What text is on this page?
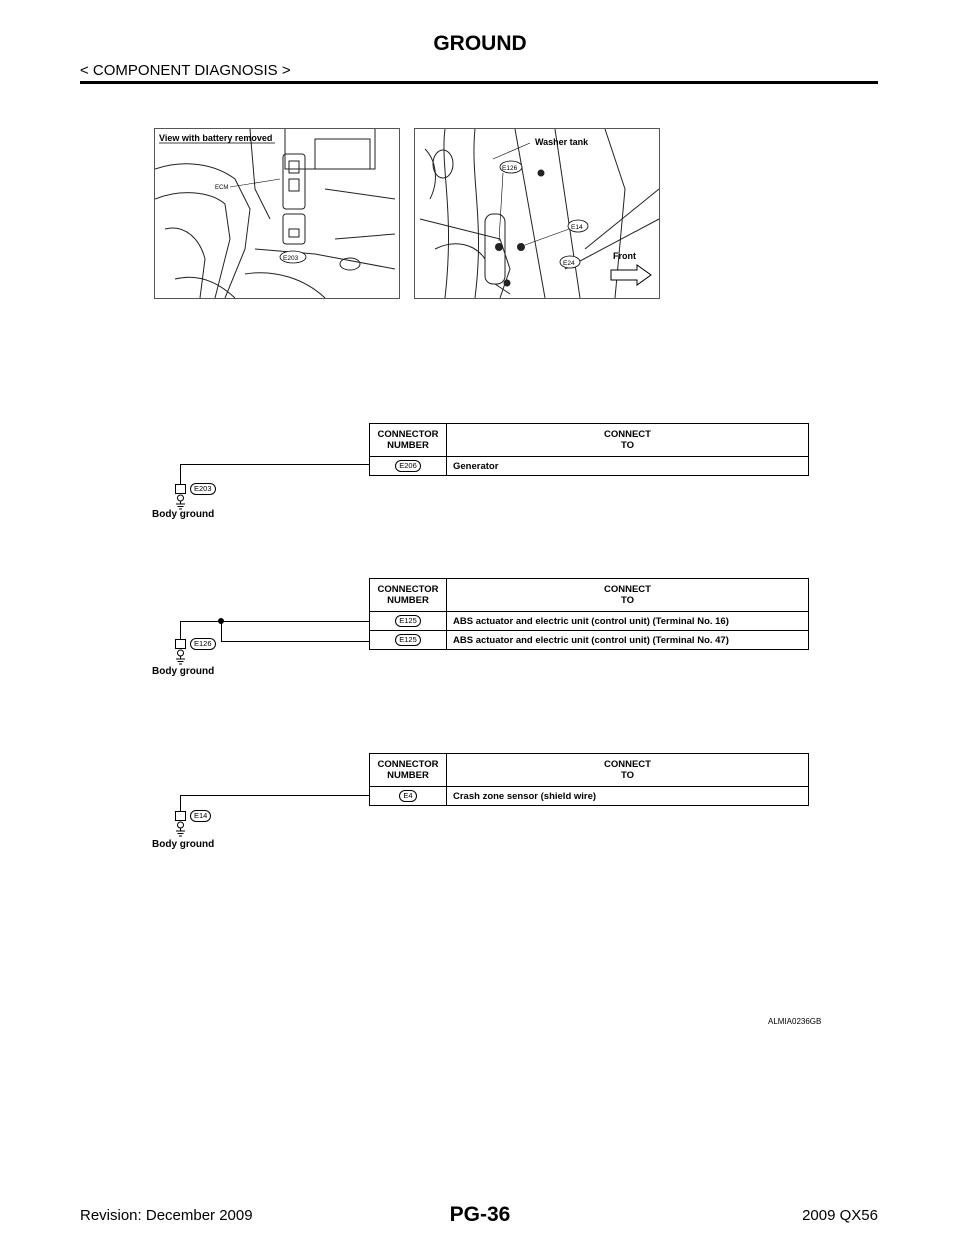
GROUND
< COMPONENT DIAGNOSIS >
View with battery removed
ECM
E203
Washer tank
E126
E14
E24
Front
CONNECTOR
NUMBER	CONNECT
TO

E206	Generator
E203
Body ground
CONNECTOR
NUMBER	CONNECT
TO

E125	ABS actuator and electric unit (control unit) (Terminal No. 16)
E125	ABS actuator and electric unit (control unit) (Terminal No. 47)
E126
Body ground
CONNECTOR
NUMBER	CONNECT
TO

E4	Crash zone sensor (shield wire)
E14
Body ground
ALMIA0236GB
Revision: December 2009	PG-36	2009 QX56
